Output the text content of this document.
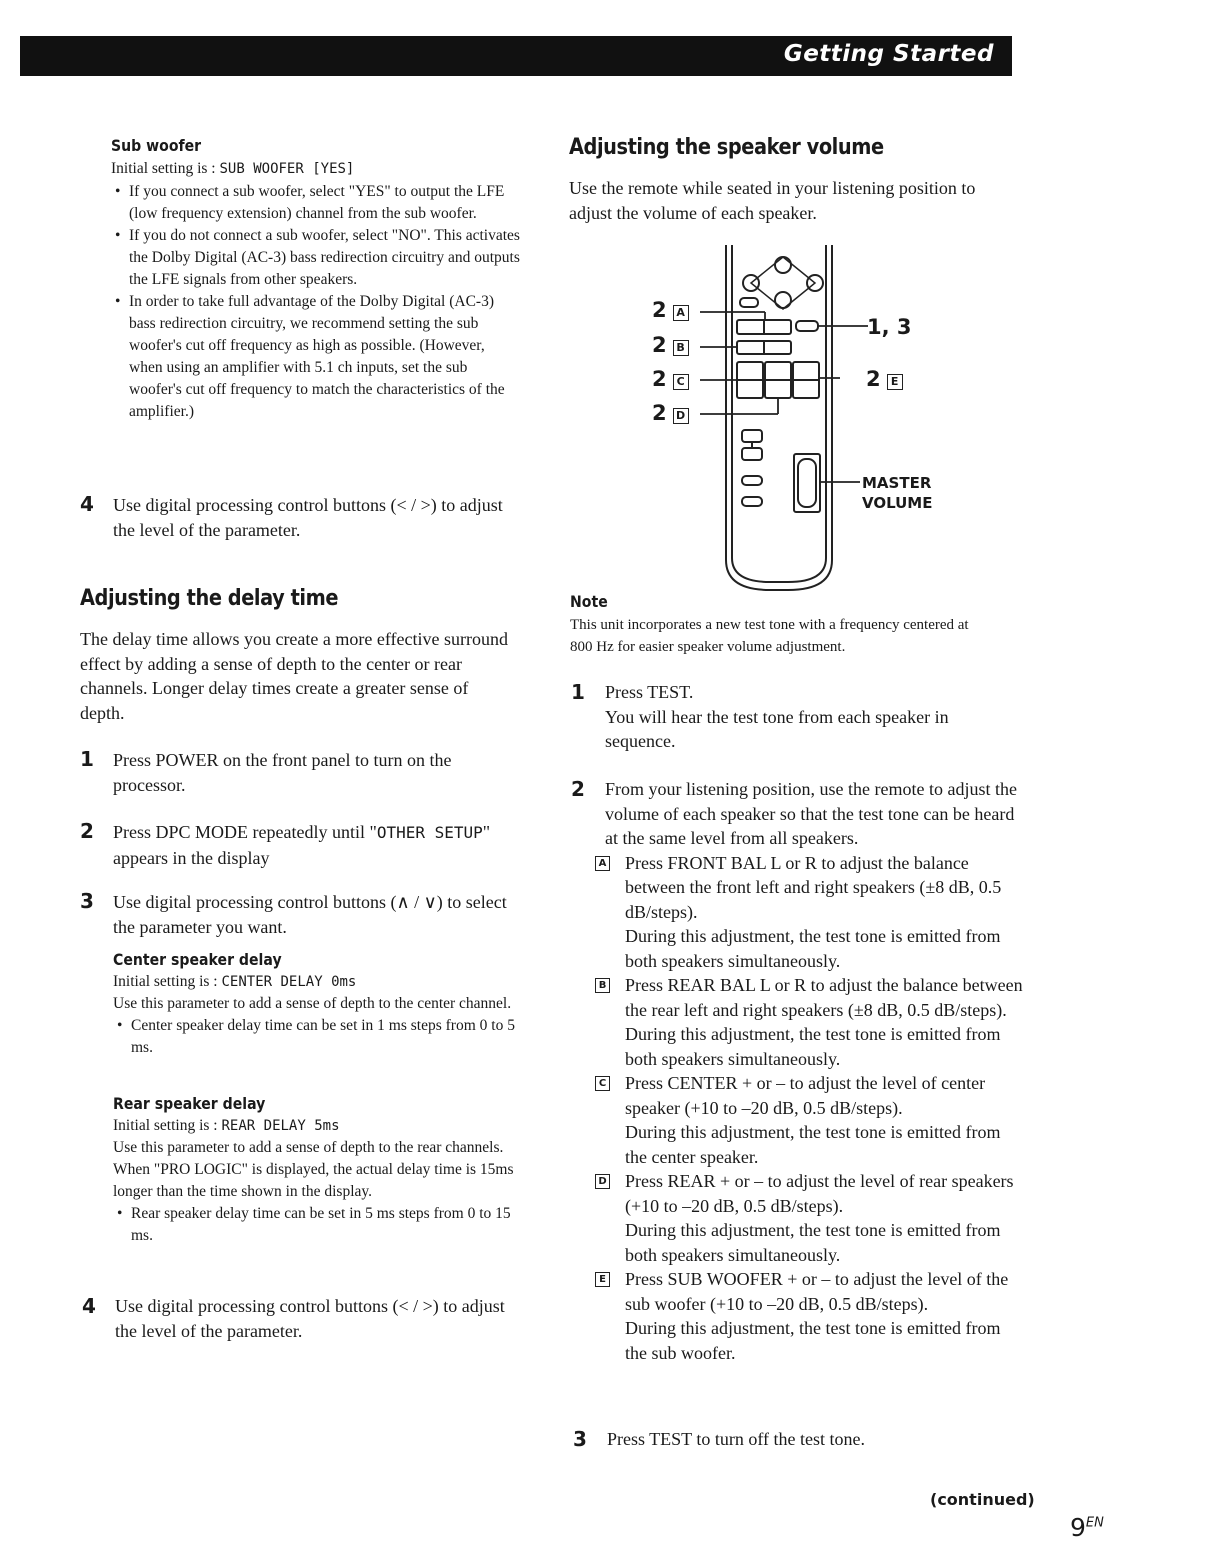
Getting Started
Sub woofer
Initial setting is : SUB WOOFER [YES]
• If you connect a sub woofer, select "YES" to output the LFE (low frequency extension) channel from the sub woofer.
• If you do not connect a sub woofer, select "NO". This activates the Dolby Digital (AC-3) bass redirection circuitry and outputs the LFE signals from other speakers.
• In order to take full advantage of the Dolby Digital (AC-3) bass redirection circuitry, we recommend setting the sub woofer's cut off frequency as high as possible. (However, when using an amplifier with 5.1 ch inputs, set the sub woofer's cut off frequency to match the characteristics of the amplifier.)
4 Use digital processing control buttons (< / >) to adjust the level of the parameter.
Adjusting the delay time
The delay time allows you create a more effective surround effect by adding a sense of depth to the center or rear channels. Longer delay times create a greater sense of depth.
1 Press POWER on the front panel to turn on the processor.
2 Press DPC MODE repeatedly until "OTHER SETUP" appears in the display
3 Use digital processing control buttons (∧ / ∨) to select the parameter you want.
Center speaker delay
Initial setting is : CENTER DELAY 0ms
Use this parameter to add a sense of depth to the center channel.
• Center speaker delay time can be set in 1 ms steps from 0 to 5 ms.
Rear speaker delay
Initial setting is : REAR DELAY 5ms
Use this parameter to add a sense of depth to the rear channels.
When "PRO LOGIC" is displayed, the actual delay time is 15ms longer than the time shown in the display.
• Rear speaker delay time can be set in 5 ms steps from 0 to 15 ms.
4 Use digital processing control buttons (< / >) to adjust the level of the parameter.
Adjusting the speaker volume
Use the remote while seated in your listening position to adjust the volume of each speaker.
2 A
2 B
2 C
2 D
1, 3
2 E
MASTER
VOLUME
Note
This unit incorporates a new test tone with a frequency centered at 800 Hz for easier speaker volume adjustment.
1 Press TEST.
You will hear the test tone from each speaker in sequence.
2 From your listening position, use the remote to adjust the volume of each speaker so that the test tone can be heard at the same level from all speakers.
A Press FRONT BAL L or R to adjust the balance between the front left and right speakers (±8 dB, 0.5 dB/steps).
During this adjustment, the test tone is emitted from both speakers simultaneously.
B Press REAR BAL L or R to adjust the balance between the rear left and right speakers (±8 dB, 0.5 dB/steps).
During this adjustment, the test tone is emitted from both speakers simultaneously.
C Press CENTER + or – to adjust the level of center speaker (+10 to –20 dB, 0.5 dB/steps).
During this adjustment, the test tone is emitted from the center speaker.
D Press REAR + or – to adjust the level of rear speakers (+10 to –20 dB, 0.5 dB/steps).
During this adjustment, the test tone is emitted from both speakers simultaneously.
E Press SUB WOOFER + or – to adjust the level of the sub woofer (+10 to –20 dB, 0.5 dB/steps).
During this adjustment, the test tone is emitted from the sub woofer.
3 Press TEST to turn off the test tone.
(continued)
$9^{EN}$
